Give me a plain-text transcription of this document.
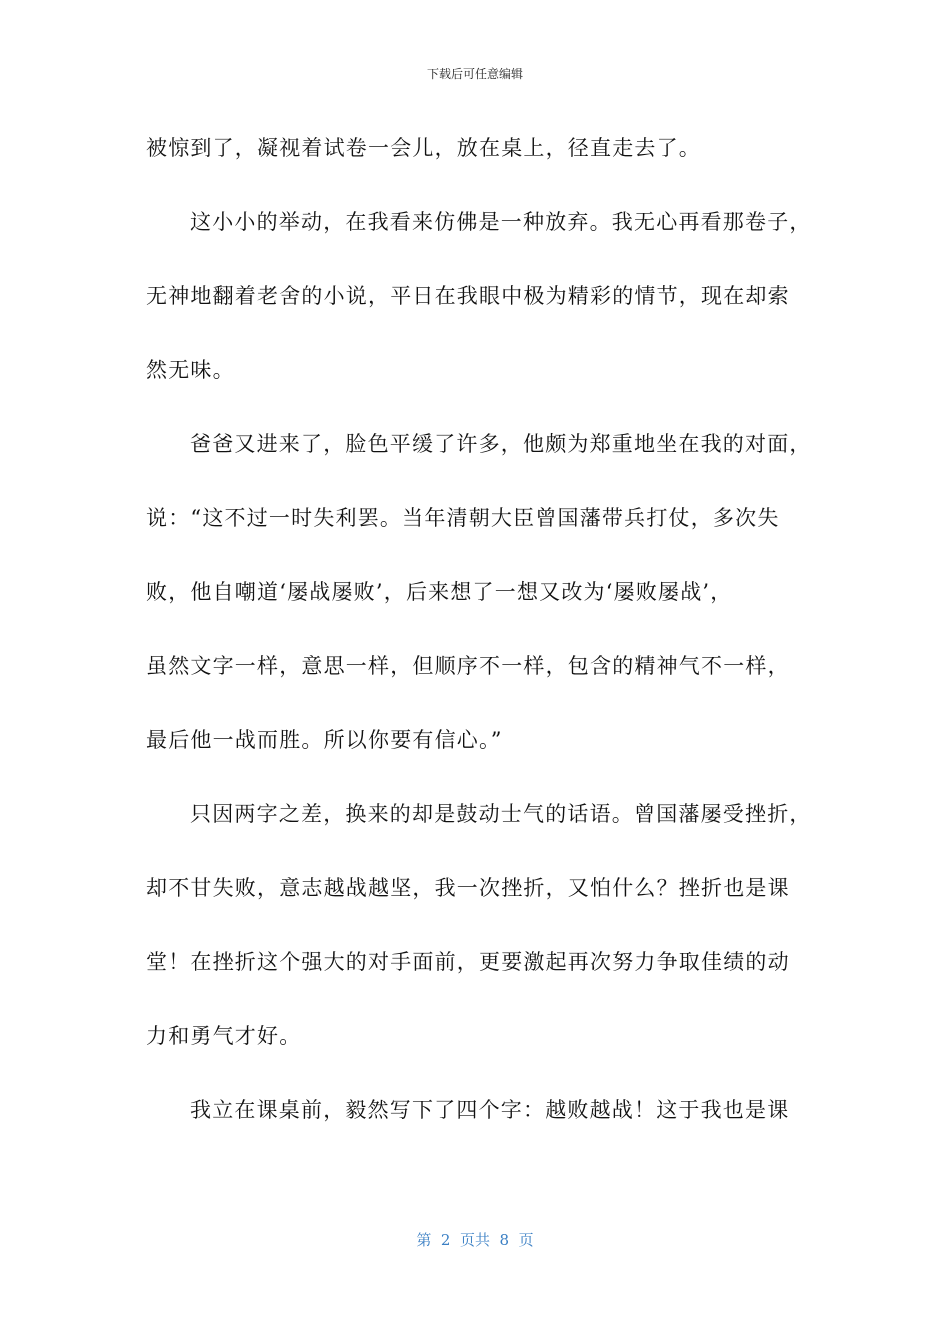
下载后可任意编辑
被惊到了，凝视着试卷一会儿，放在桌上，径直走去了。
这小小的举动，在我看来仿佛是一种放弃。我无心再看那卷子，
无神地翻着老舍的小说，平日在我眼中极为精彩的情节，现在却索
然无味。
爸爸又进来了，脸色平缓了许多，他颇为郑重地坐在我的对面，
说：“这不过一时失利罢。当年清朝大臣曾国藩带兵打仗，多次失
败，他自嘲道‘屡战屡败’，后来想了一想又改为‘屡败屡战’，
虽然文字一样，意思一样，但顺序不一样，包含的精神气不一样，
最后他一战而胜。所以你要有信心。”
只因两字之差，换来的却是鼓动士气的话语。曾国藩屡受挫折，
却不甘失败，意志越战越坚，我一次挫折，又怕什么？挫折也是课
堂！在挫折这个强大的对手面前，更要激起再次努力争取佳绩的动
力和勇气才好。
我立在课桌前，毅然写下了四个字：越败越战！这于我也是课
第  2  页共  8  页
